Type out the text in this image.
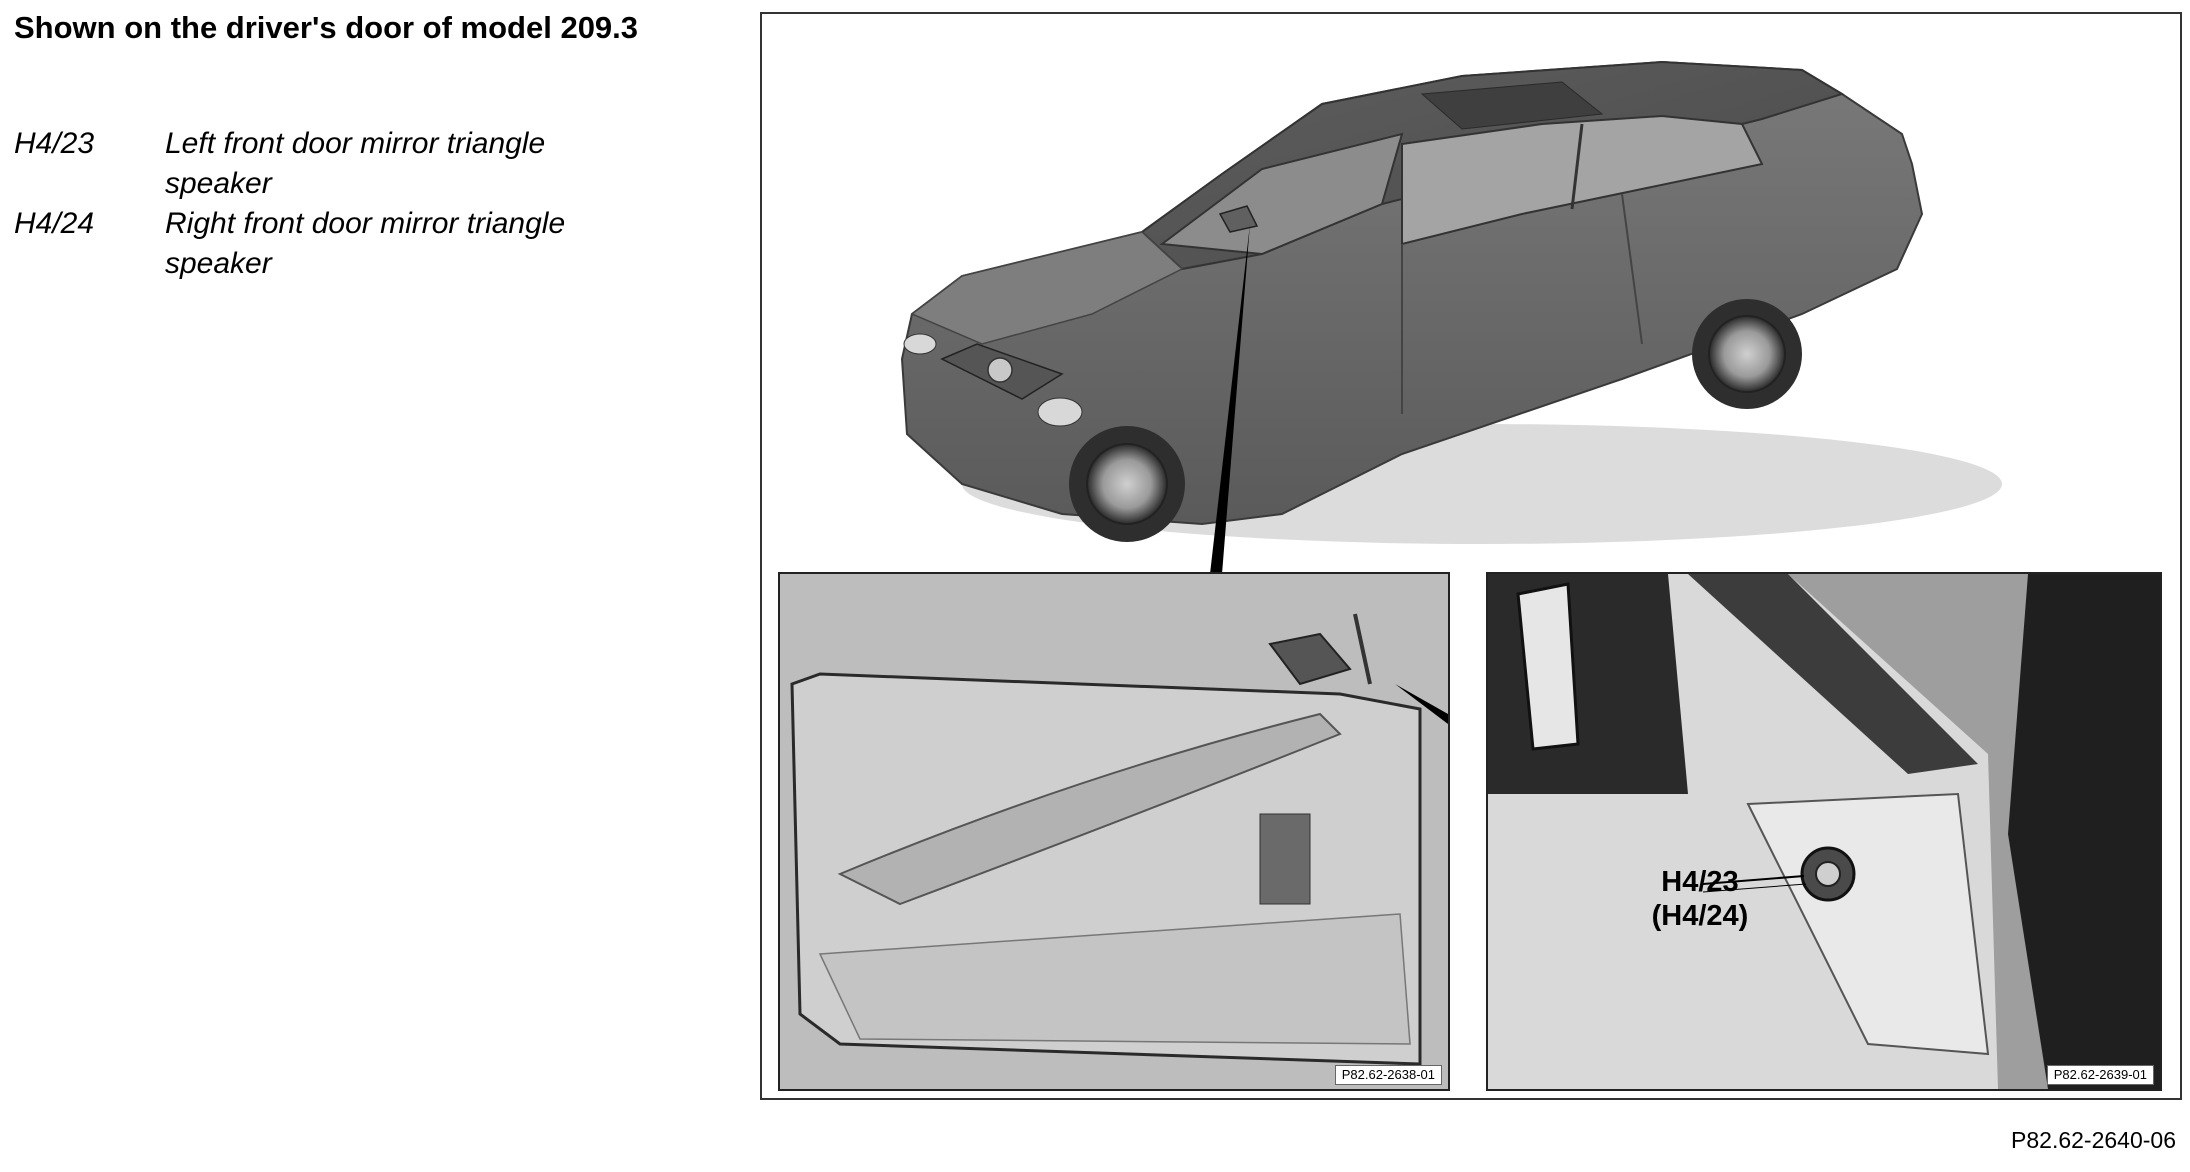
Shown on the driver's door of model 209.3
H4/23	Left front door mirror triangle speaker
H4/24	Right front door mirror triangle speaker
P82.62-2638-01	P82.62-2639-01
H4/23
(H4/24)
P82.62-2640-06
